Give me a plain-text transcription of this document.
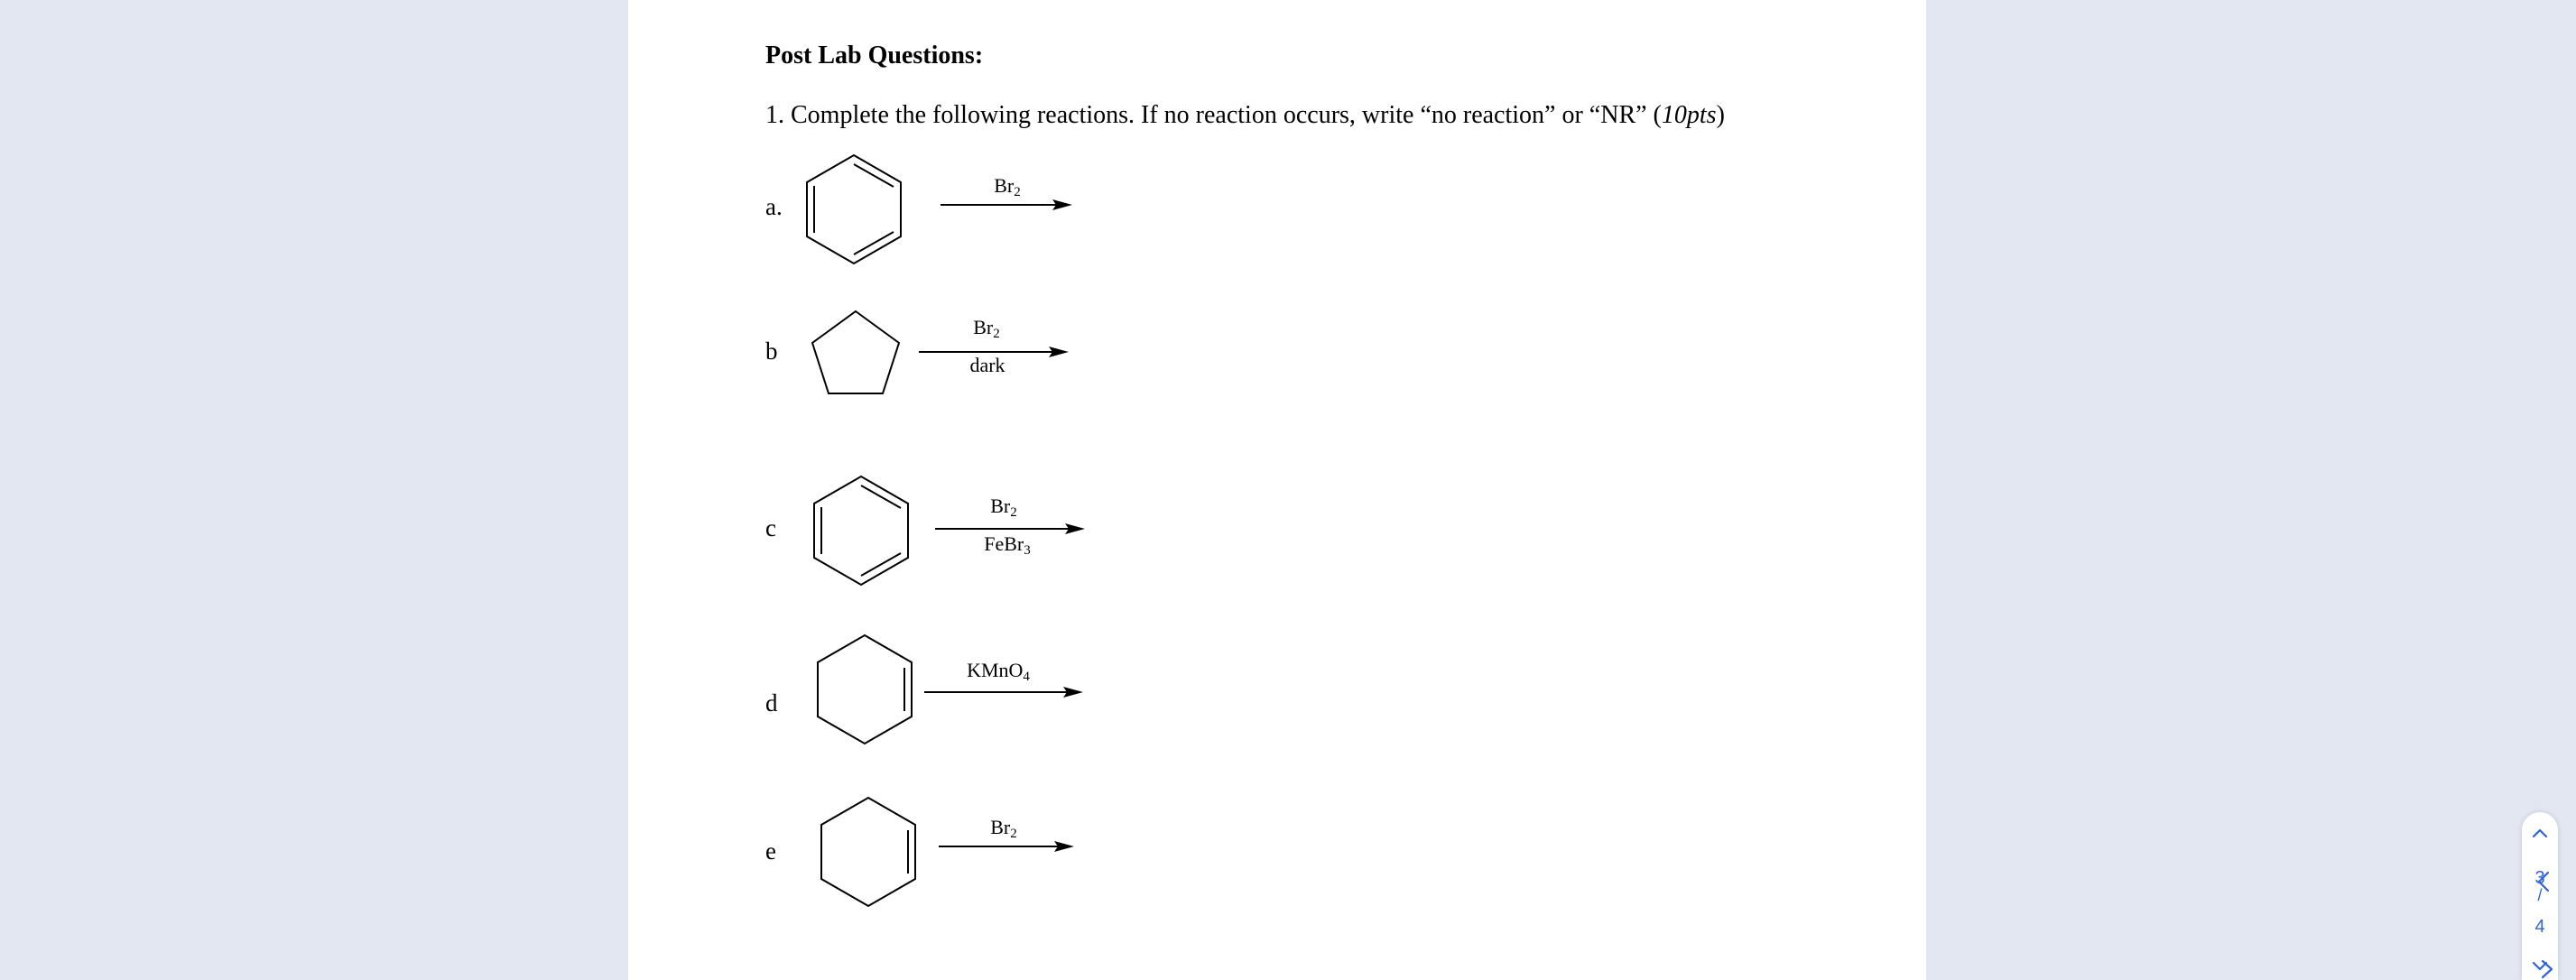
Post Lab Questions:
1. Complete the following reactions. If no reaction occurs, write “no reaction” or “NR” (10pts)
a.
$Br_2$
b
$Br_2$
dark
c
$Br_2$
FeBr$_3$
d
KMnO$_4$
e
$Br_2$
3
/
4
